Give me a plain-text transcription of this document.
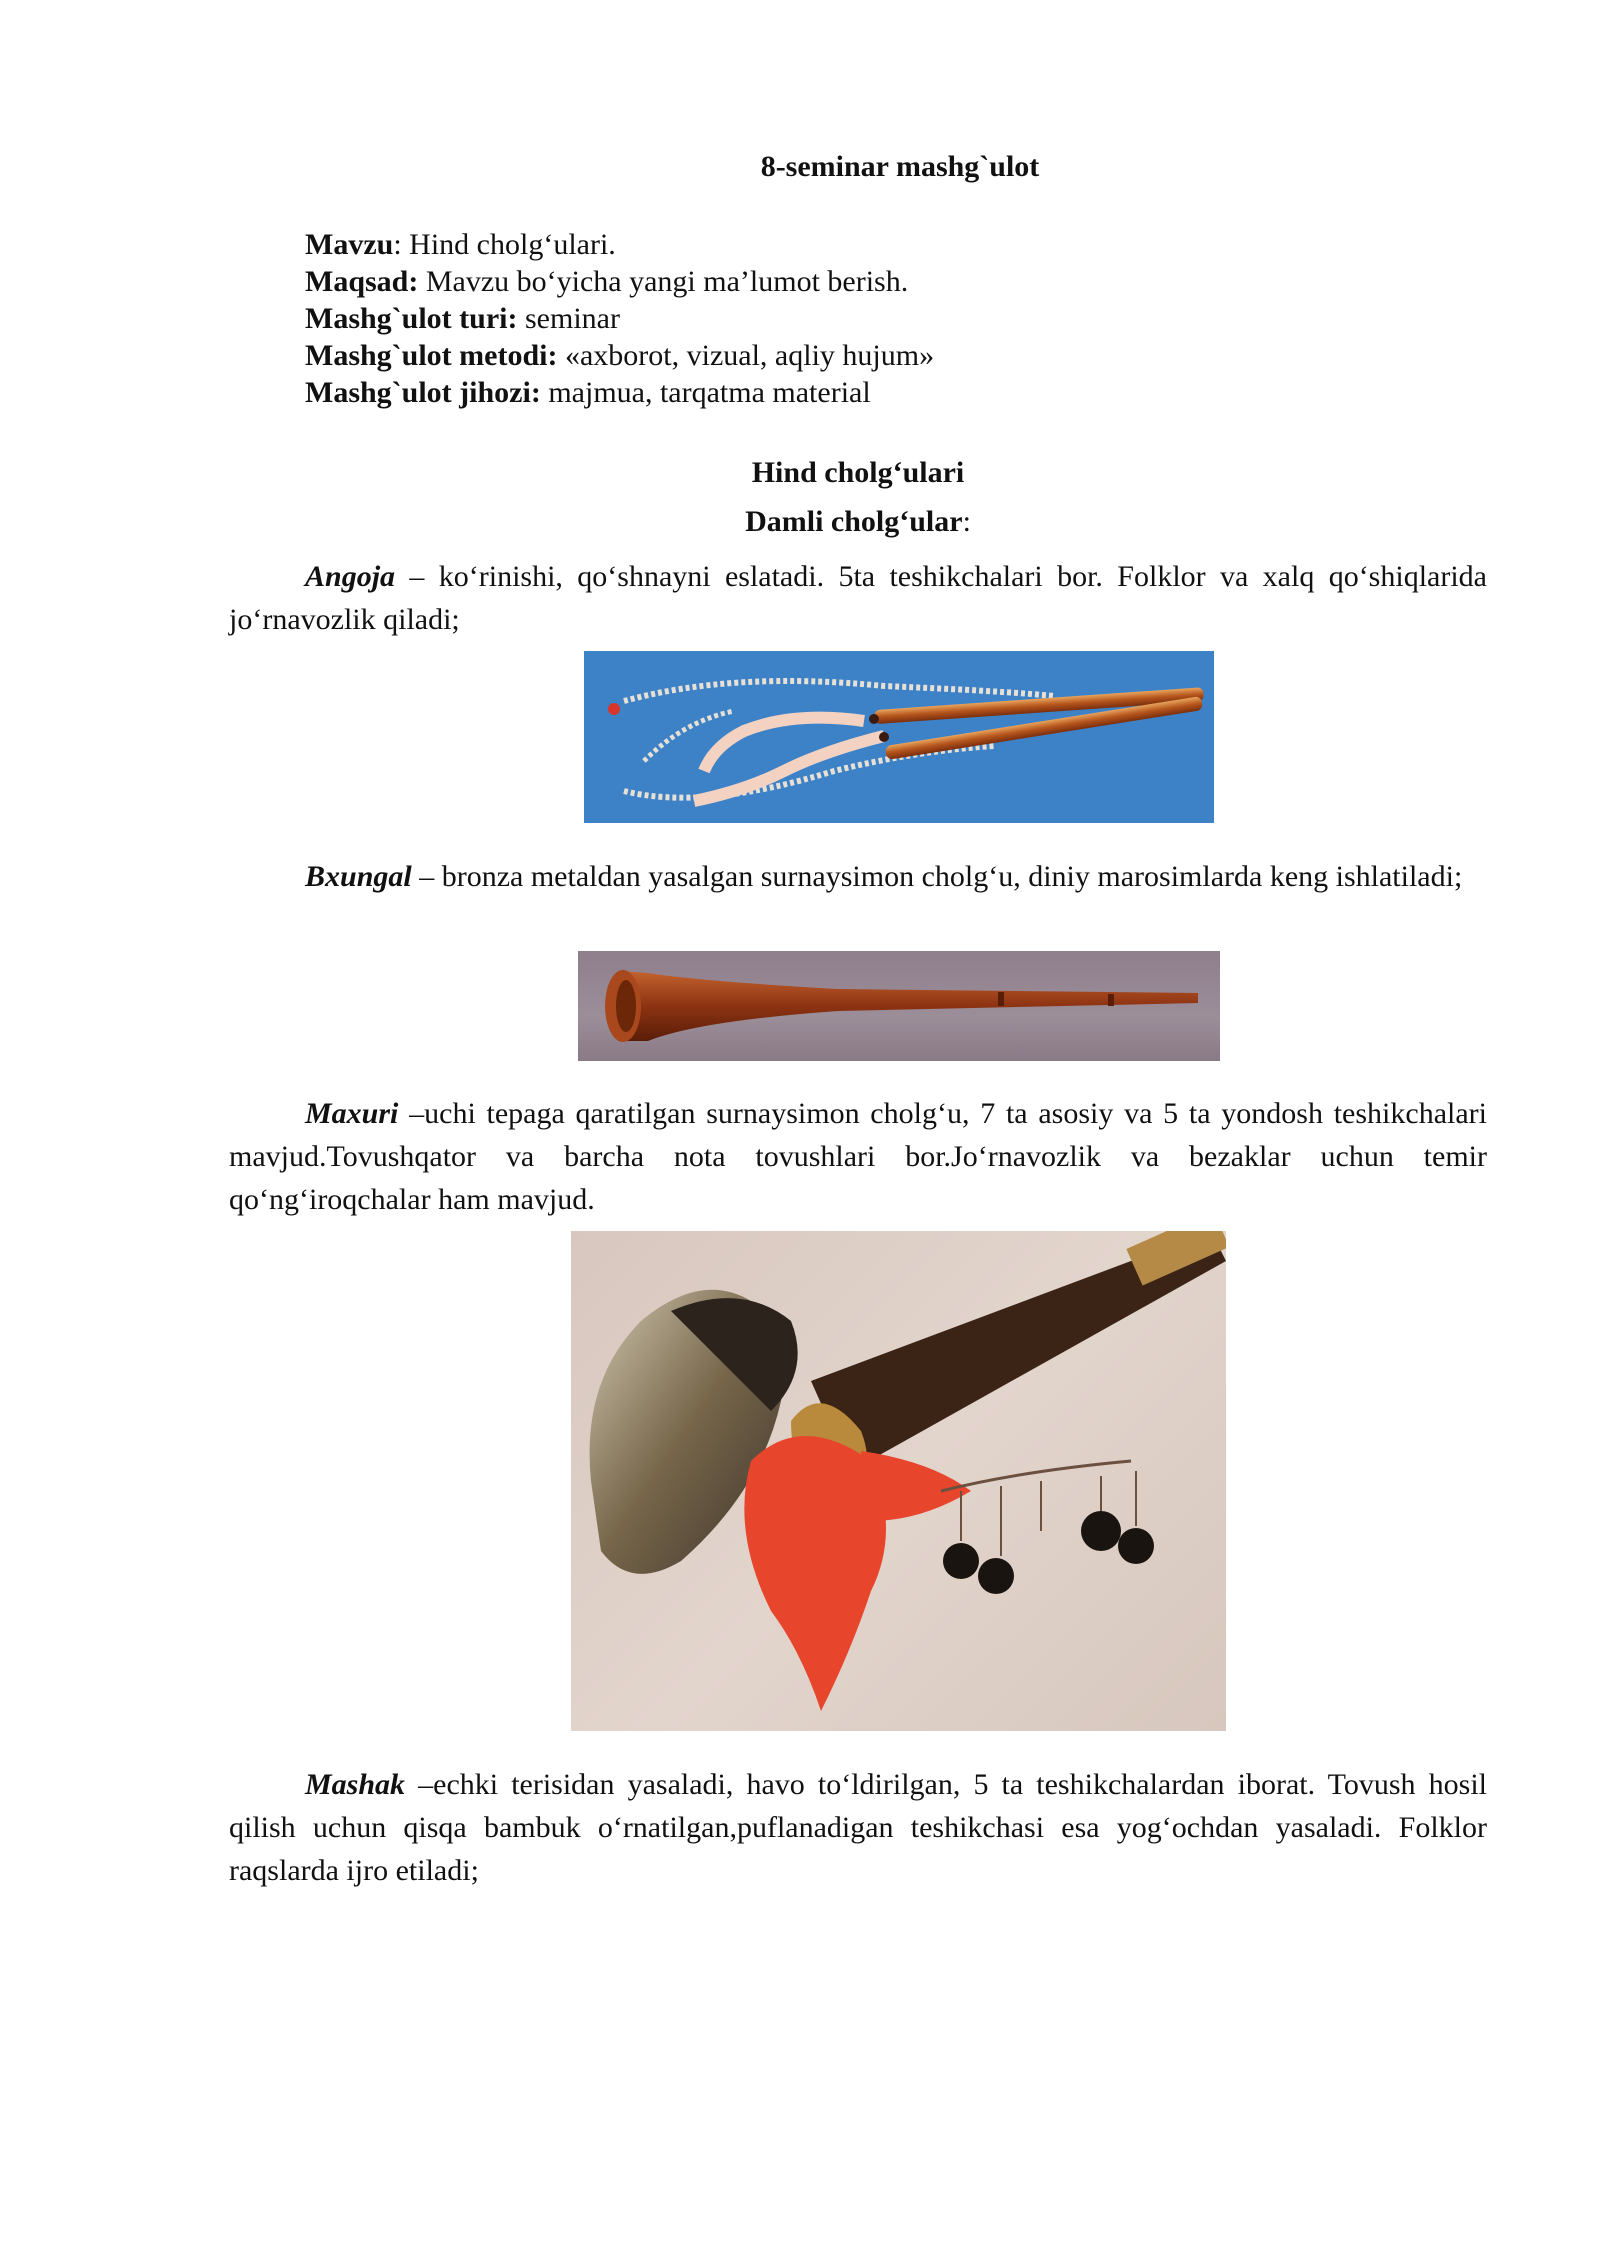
8-seminar mashg`ulot
Mavzu: Hind cholg‘ulari.
Maqsad: Mavzu bo‘yicha yangi ma’lumot berish.
Mashg`ulot turi: seminar
Mashg`ulot metodi: «axborot, vizual, aqliy hujum»
Mashg`ulot jihozi: majmua, tarqatma material
Hind cholg‘ulari
Damli cholg‘ular:
Angoja – ko‘rinishi, qo‘shnayni eslatadi. 5ta teshikchalari bor. Folklor va xalq qo‘shiqlarida jo‘rnavozlik qiladi;
Bxungal – bronza metaldan yasalgan surnaysimon cholg‘u, diniy marosimlarda keng ishlatiladi;
Maxuri –uchi tepaga qaratilgan surnaysimon cholg‘u, 7 ta asosiy va 5 ta yondosh teshikchalari mavjud.Tovushqator va barcha nota tovushlari bor.Jo‘rnavozlik va bezaklar uchun temir qo‘ng‘iroqchalar ham mavjud.
Mashak –echki terisidan yasaladi, havo to‘ldirilgan, 5 ta teshikchalardan iborat. Tovush hosil qilish uchun qisqa bambuk o‘rnatilgan,puflanadigan teshikchasi esa yog‘ochdan yasaladi. Folklor raqslarda ijro etiladi;
